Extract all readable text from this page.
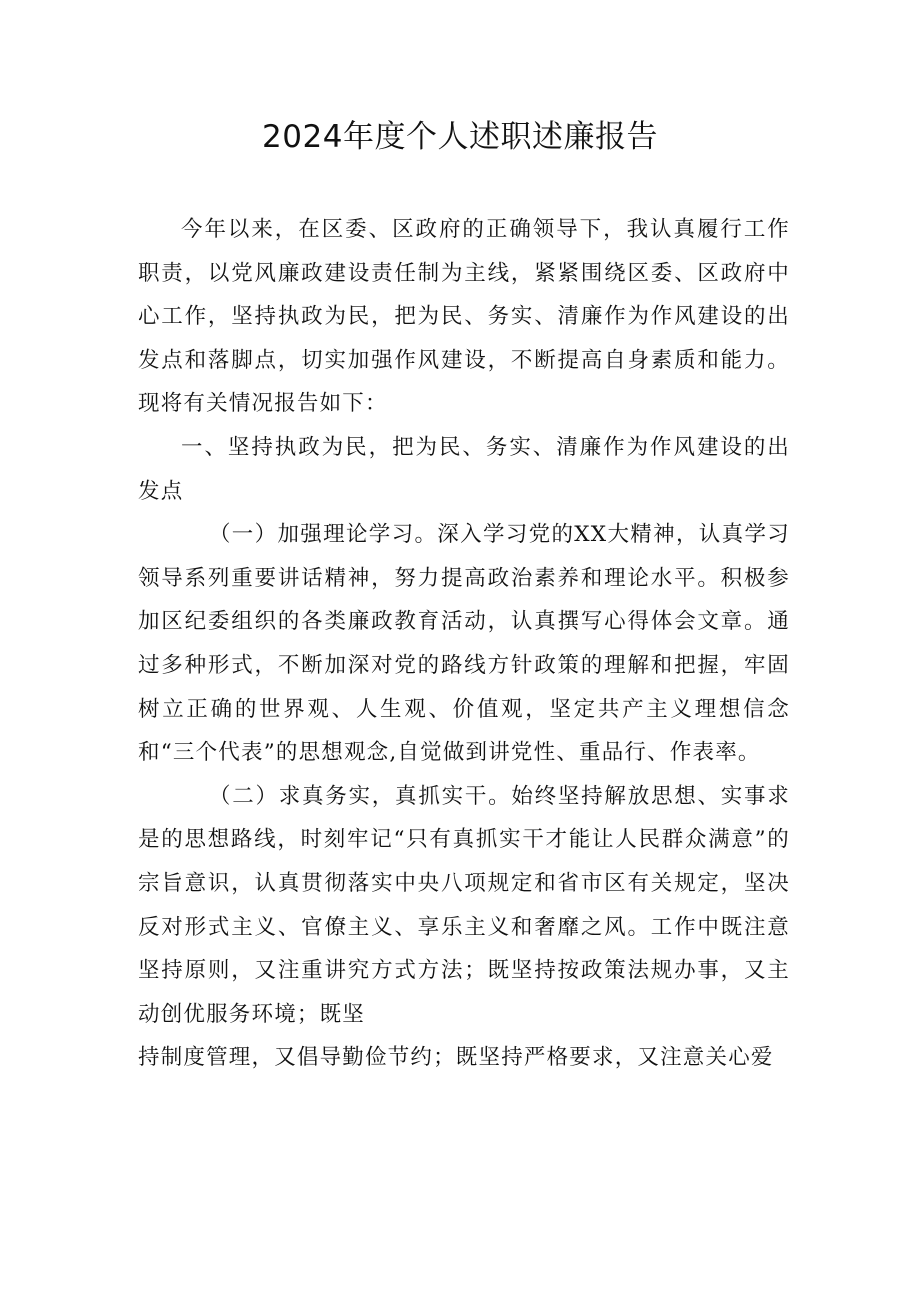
2024年度个人述职述廉报告

今年以来，在区委、区政府的正确领导下，我认真履行工作职责，以党风廉政建设责任制为主线，紧紧围绕区委、区政府中心工作，坚持执政为民，把为民、务实、清廉作为作风建设的出发点和落脚点，切实加强作风建设，不断提高自身素质和能力。现将有关情况报告如下：

一、坚持执政为民，把为民、务实、清廉作为作风建设的出发点

（一）加强理论学习。深入学习党的XX大精神，认真学习领导系列重要讲话精神，努力提高政治素养和理论水平。积极参加区纪委组织的各类廉政教育活动，认真撰写心得体会文章。通过多种形式，不断加深对党的路线方针政策的理解和把握，牢固树立正确的世界观、人生观、价值观，坚定共产主义理想信念和“三个代表”的思想观念,自觉做到讲党性、重品行、作表率。

（二）求真务实，真抓实干。始终坚持解放思想、实事求是的思想路线，时刻牢记“只有真抓实干才能让人民群众满意”的宗旨意识，认真贯彻落实中央八项规定和省市区有关规定，坚决反对形式主义、官僚主义、享乐主义和奢靡之风。工作中既注意坚持原则，又注重讲究方式方法；既坚持按政策法规办事，又主动创优服务环境；既坚

持制度管理，又倡导勤俭节约；既坚持严格要求，又注意关心爱
